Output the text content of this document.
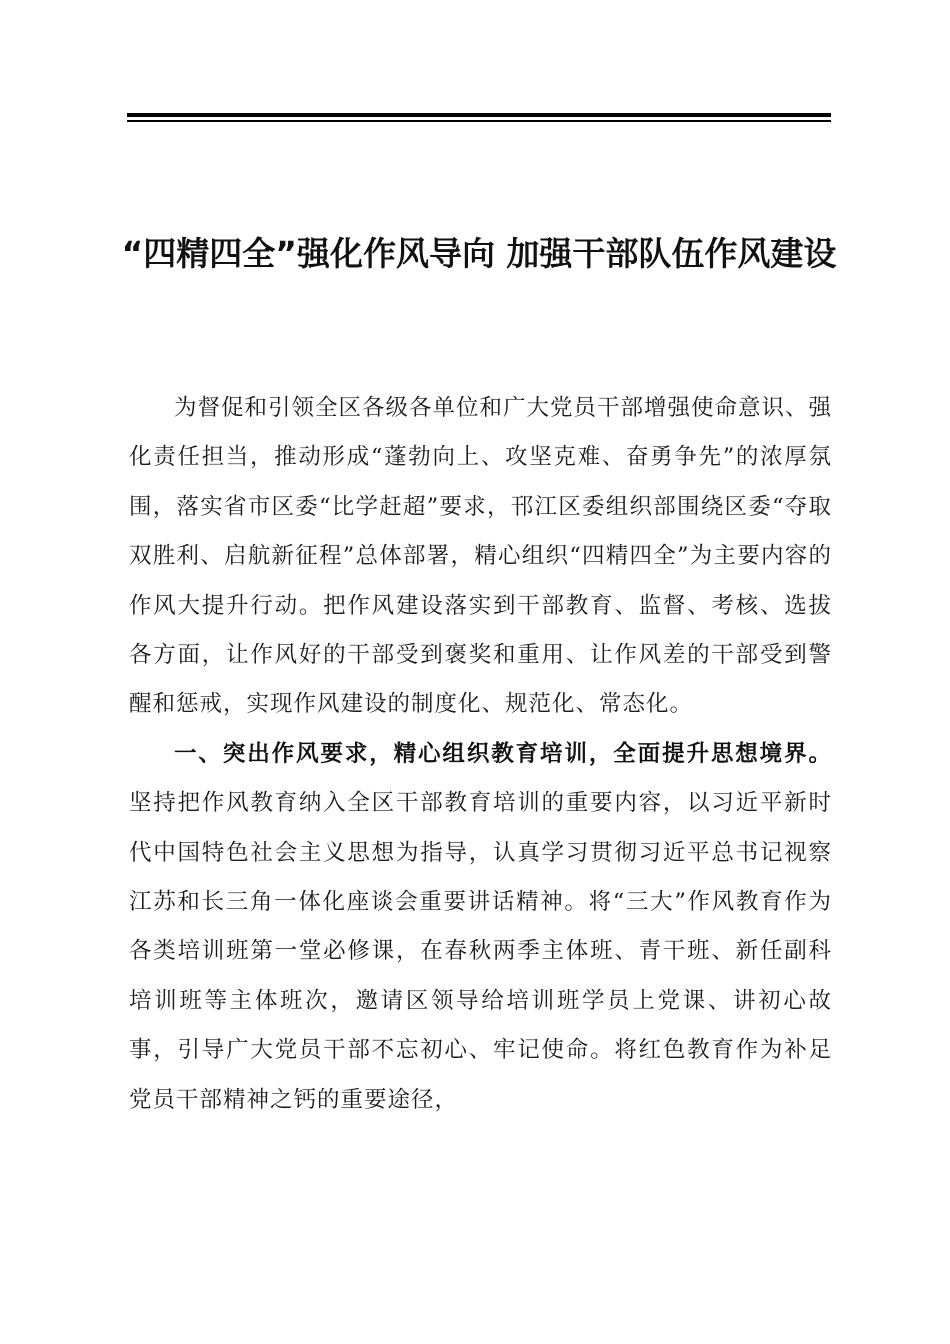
“四精四全”强化作风导向 加强干部队伍作风建设

为督促和引领全区各级各单位和广大党员干部增强使命意识、强化责任担当，推动形成“蓬勃向上、攻坚克难、奋勇争先”的浓厚氛围，落实省市区委“比学赶超”要求，邗江区委组织部围绕区委“夺取双胜利、启航新征程”总体部署，精心组织“四精四全”为主要内容的作风大提升行动。把作风建设落实到干部教育、监督、考核、选拔各方面，让作风好的干部受到褒奖和重用、让作风差的干部受到警醒和惩戒，实现作风建设的制度化、规范化、常态化。

一、突出作风要求，精心组织教育培训，全面提升思想境界。坚持把作风教育纳入全区干部教育培训的重要内容，以习近平新时代中国特色社会主义思想为指导，认真学习贯彻习近平总书记视察江苏和长三角一体化座谈会重要讲话精神。将“三大”作风教育作为各类培训班第一堂必修课，在春秋两季主体班、青干班、新任副科培训班等主体班次，邀请区领导给培训班学员上党课、讲初心故事，引导广大党员干部不忘初心、牢记使命。将红色教育作为补足党员干部精神之钙的重要途径，
